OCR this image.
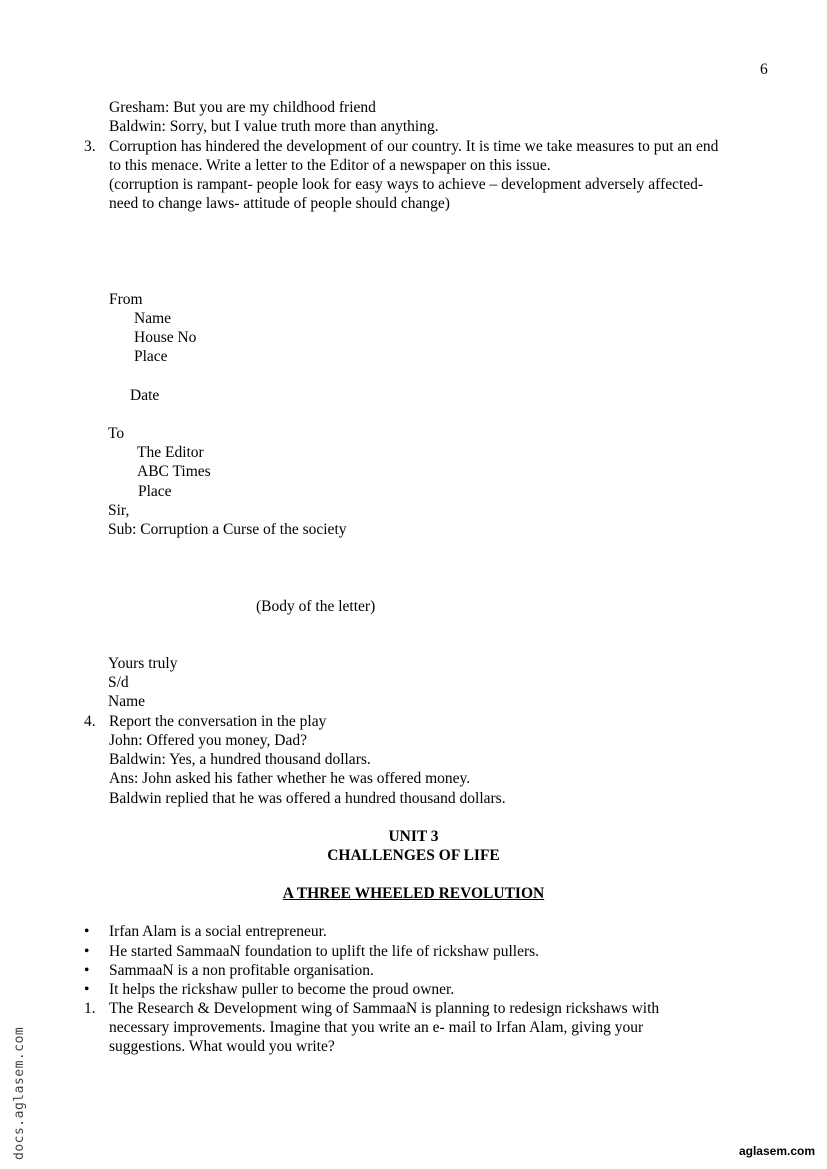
6
Gresham: But you are my childhood friend
Baldwin: Sorry, but I value truth more than anything.
3. Corruption has hindered the development of our country. It is time we take measures to put an end
to this menace. Write a letter to the Editor of a newspaper on this issue.
(corruption is rampant- people look for easy ways to achieve – development adversely affected-
need to change laws- attitude of people should change)
From
Name
House No
Place
Date
To
The Editor
ABC Times
Place
Sir,
Sub: Corruption a Curse of the society
(Body of the letter)
Yours truly
S/d
Name
4. Report the conversation in the play
John: Offered you money, Dad?
Baldwin: Yes, a hundred thousand dollars.
Ans: John asked his father whether he was offered money.
Baldwin replied that he was offered a hundred thousand dollars.
UNIT 3
CHALLENGES OF LIFE
A THREE WHEELED REVOLUTION
• Irfan Alam is a social entrepreneur.
• He started SammaaN foundation to uplift the life of rickshaw pullers.
• SammaaN is a non profitable organisation.
• It helps the rickshaw puller to become the proud owner.
1. The Research & Development wing of SammaaN is planning to redesign rickshaws with
necessary improvements. Imagine that you write an e- mail to Irfan Alam, giving your
suggestions. What would you write?
docs.aglasem.com	aglasem.com
